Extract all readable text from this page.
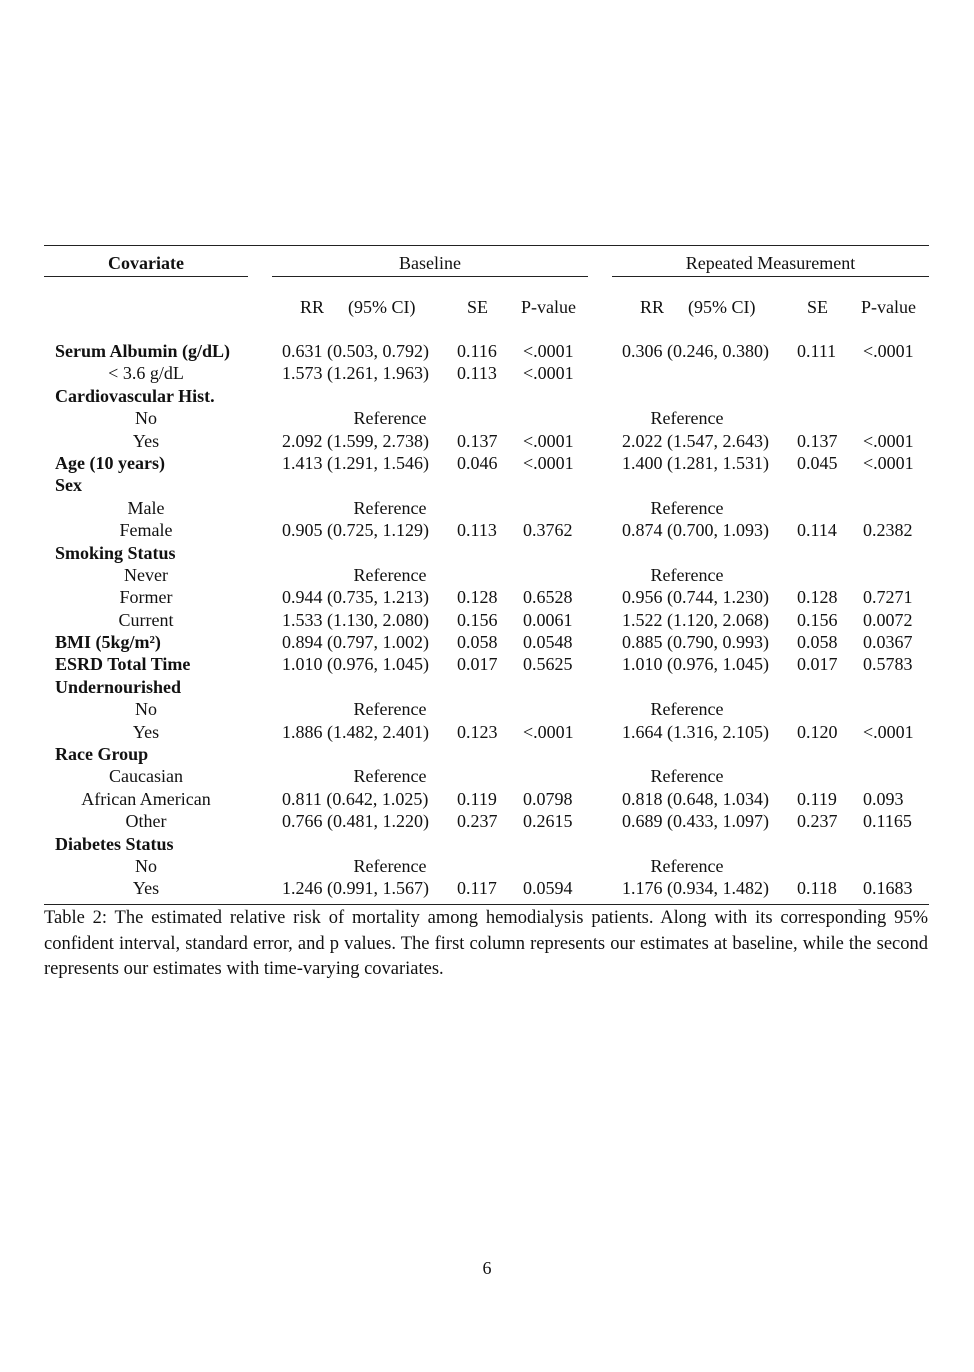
Covariate	Baseline	Repeated Measurement
RR (95% CI)	SE P-value	RR (95% CI)	SE P-value
Serum Albumin (g/dL)	0.631 (0.503, 0.792) 0.116 <.0001	0.306 (0.246, 0.380) 0.111 <.0001
< 3.6 g/dL	1.573 (1.261, 1.963) 0.113 <.0001
Cardiovascular Hist.
No	Reference	Reference
Yes	2.092 (1.599, 2.738) 0.137 <.0001	2.022 (1.547, 2.643) 0.137 <.0001
Age (10 years)	1.413 (1.291, 1.546) 0.046 <.0001	1.400 (1.281, 1.531) 0.045 <.0001
Sex
Male	Reference	Reference
Female	0.905 (0.725, 1.129) 0.113 0.3762	0.874 (0.700, 1.093) 0.114 0.2382
Smoking Status
Never	Reference	Reference
Former	0.944 (0.735, 1.213) 0.128 0.6528	0.956 (0.744, 1.230) 0.128 0.7271
Current	1.533 (1.130, 2.080) 0.156 0.0061	1.522 (1.120, 2.068) 0.156 0.0072
BMI (5kg/m²)	0.894 (0.797, 1.002) 0.058 0.0548	0.885 (0.790, 0.993) 0.058 0.0367
ESRD Total Time	1.010 (0.976, 1.045) 0.017 0.5625	1.010 (0.976, 1.045) 0.017 0.5783
Undernourished
No	Reference	Reference
Yes	1.886 (1.482, 2.401) 0.123 <.0001	1.664 (1.316, 2.105) 0.120 <.0001
Race Group
Caucasian	Reference	Reference
African American	0.811 (0.642, 1.025) 0.119 0.0798	0.818 (0.648, 1.034) 0.119 0.093
Other	0.766 (0.481, 1.220) 0.237 0.2615	0.689 (0.433, 1.097) 0.237 0.1165
Diabetes Status
No	Reference	Reference
Yes	1.246 (0.991, 1.567) 0.117 0.0594	1.176 (0.934, 1.482) 0.118 0.1683
Table 2: The estimated relative risk of mortality among hemodialysis patients. Along with its corresponding 95% confident interval, standard error, and p values. The first column represents our estimates at baseline, while the second represents our estimates with time-varying covariates.
6
